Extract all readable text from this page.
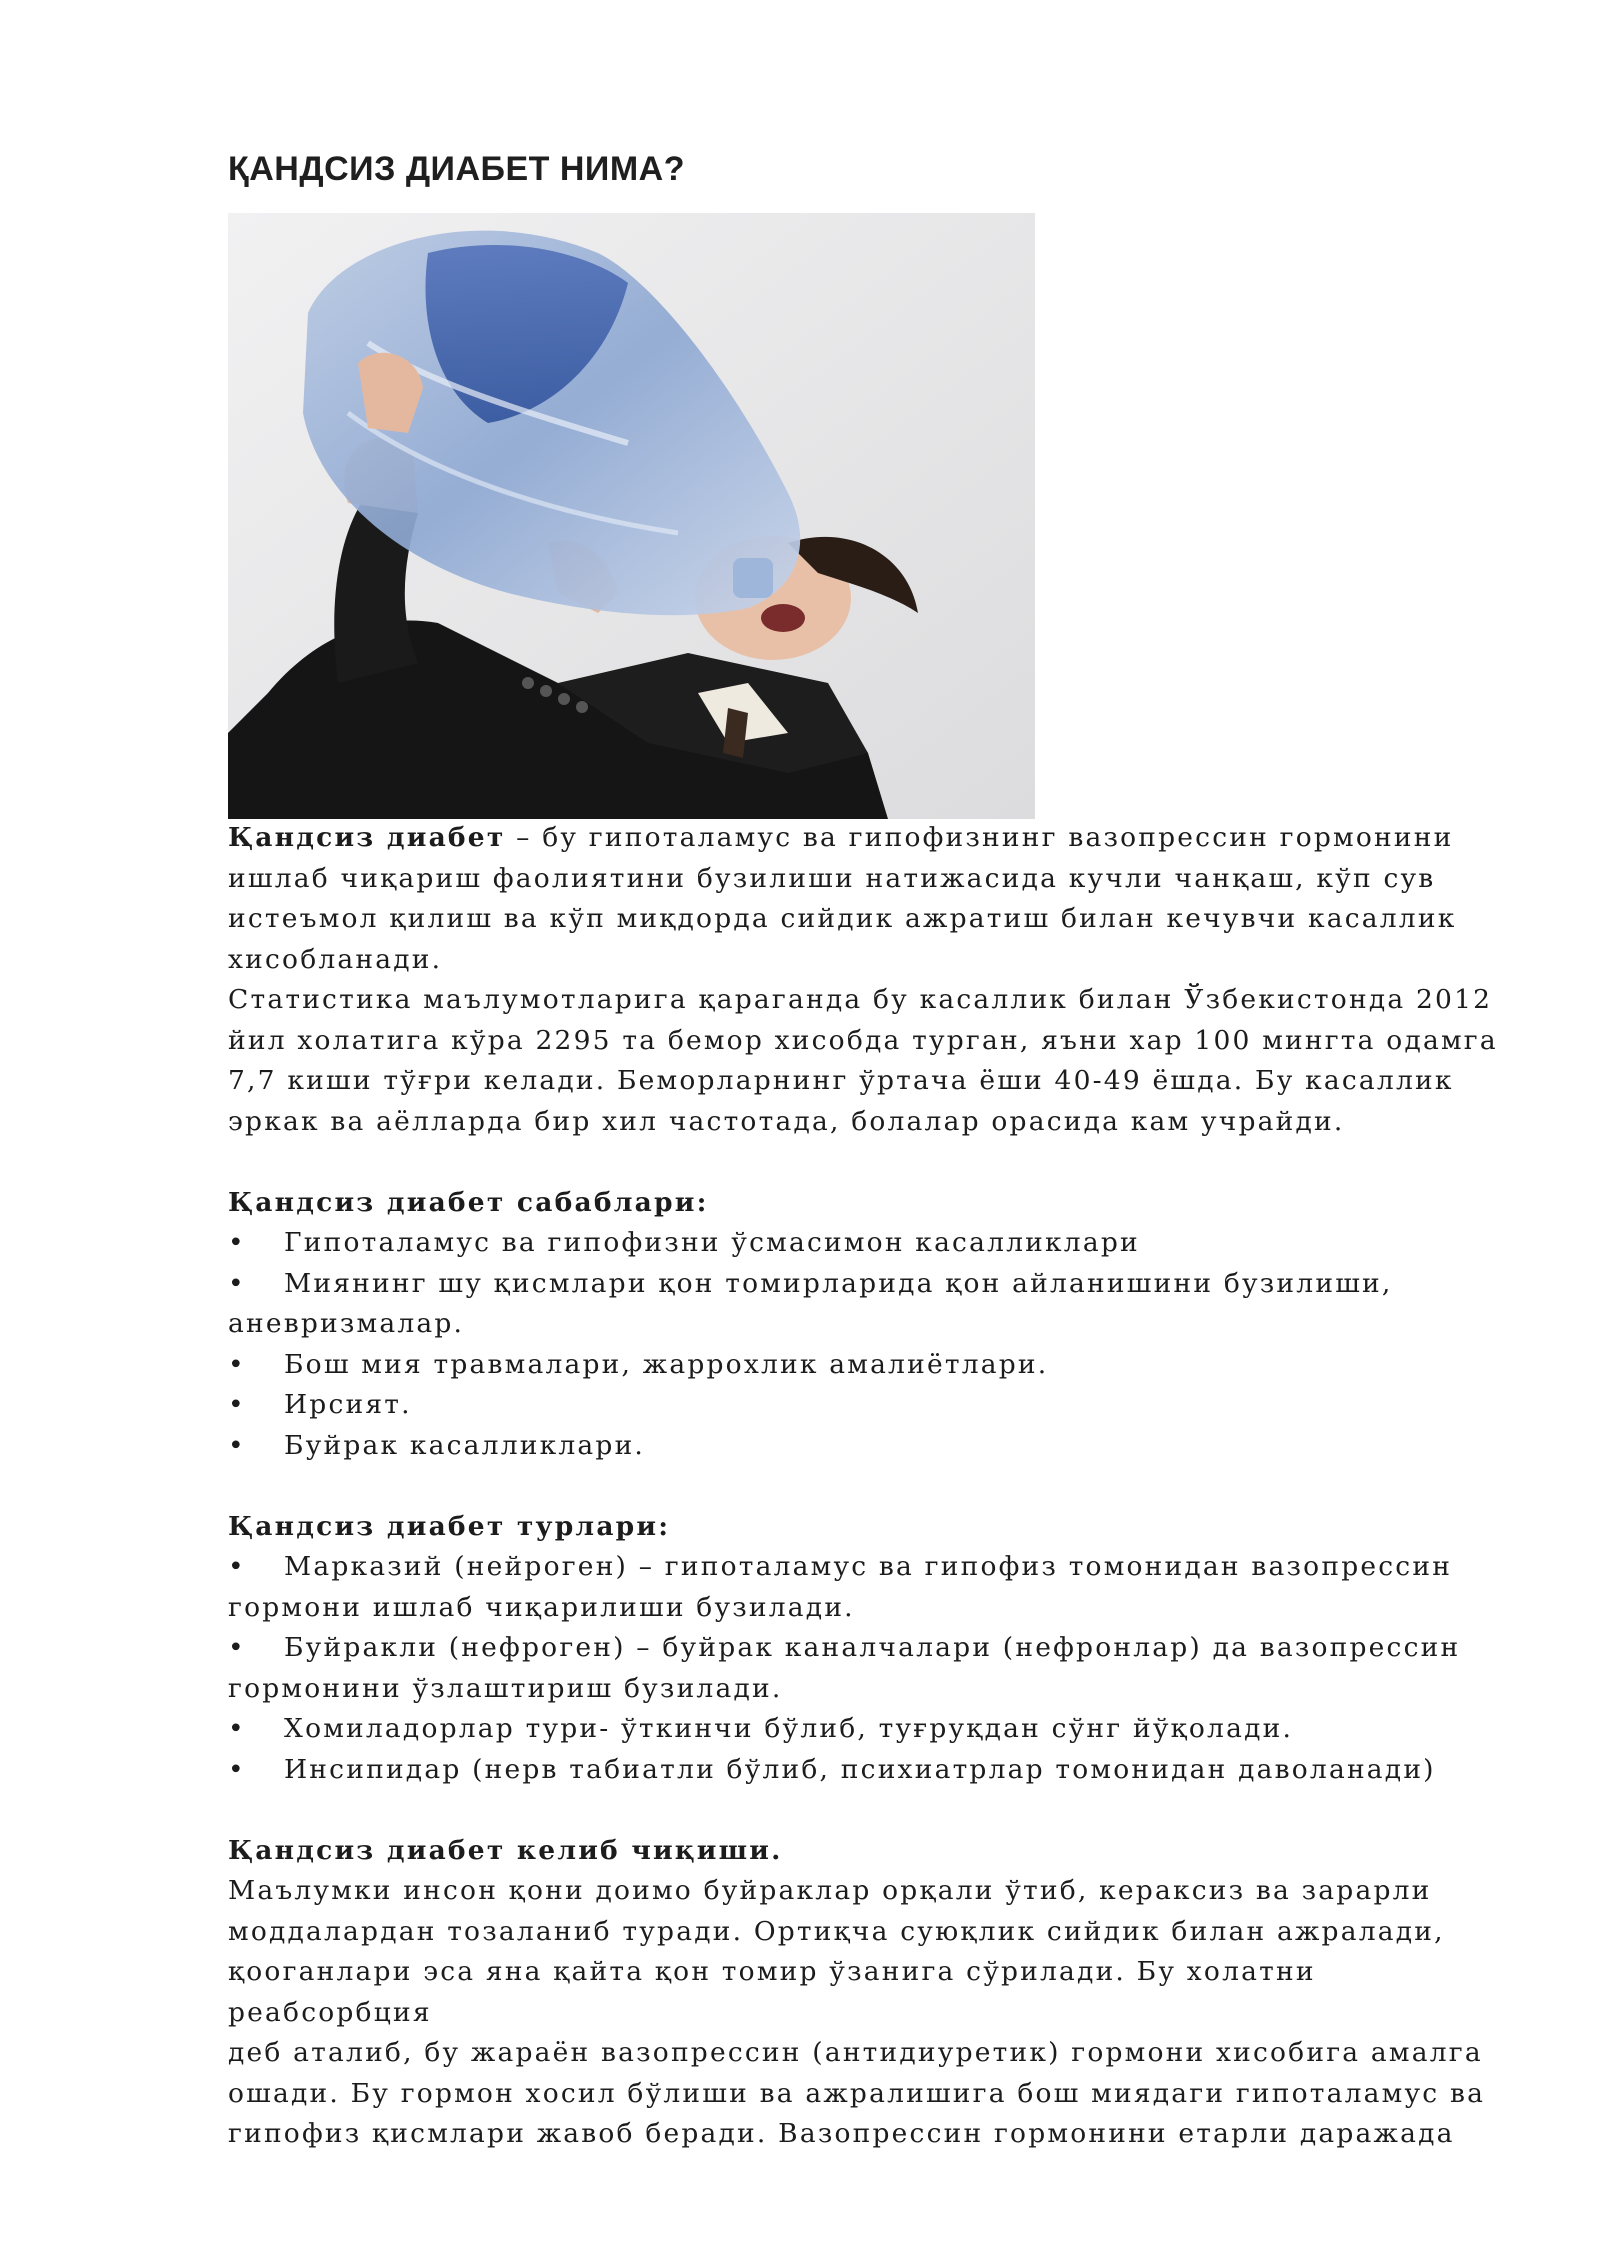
ҚАНДСИЗ ДИАБЕТ НИМА?

Қандсиз диабет – бу гипоталамус ва гипофизнинг вазопрессин гормонини
ишлаб чиқариш фаолиятини бузилиши натижасида кучли чанқаш, кўп сув
истеъмол қилиш ва кўп миқдорда сийдик ажратиш билан кечувчи касаллик
хисобланади.

Статистика маълумотларига қараганда бу касаллик билан Ўзбекистонда 2012
йил холатига кўра 2295 та бемор хисобда турган, яъни хар 100 мингта одамга
7,7 киши тўғри келади. Беморларнинг ўртача ёши 40-49 ёшда. Бу касаллик
эркак ва аёлларда бир хил частотада, болалар орасида кам учрайди.

Қандсиз диабет сабаблари:

• Гипоталамус ва гипофизни ўсмасимон касалликлари
• Миянинг шу қисмлари қон томирларида қон айланишини бузилиши,
аневризмалар.
• Бош мия травмалари, жаррохлик амалиётлари.
• Ирсият.
• Буйрак касалликлари.

Қандсиз диабет турлари:

• Марказий (нейроген) – гипоталамус ва гипофиз томонидан вазопрессин
гормони ишлаб чиқарилиши бузилади.
• Буйракли (нефроген) – буйрак каналчалари (нефронлар) да вазопрессин
гормонини ўзлаштириш бузилади.
• Хомиладорлар тури- ўткинчи бўлиб, туғруқдан сўнг йўқолади.
• Инсипидар (нерв табиатли бўлиб, психиатрлар томонидан даволанади)

Қандсиз диабет келиб чиқиши.

Маълумки инсон қони доимо буйраклар орқали ўтиб, кераксиз ва зарарли
моддалардан тозаланиб туради. Ортиқча суюқлик сийдик билан ажралади,
қооганлари эса яна қайта қон томир ўзанига сўрилади. Бу холатни реабсорбция
деб аталиб, бу жараён вазопрессин (антидиуретик) гормони хисобига амалга
ошади. Бу гормон хосил бўлиши ва ажралишига бош миядаги гипоталамус ва
гипофиз қисмлари жавоб беради. Вазопрессин гормонини етарли даражада
